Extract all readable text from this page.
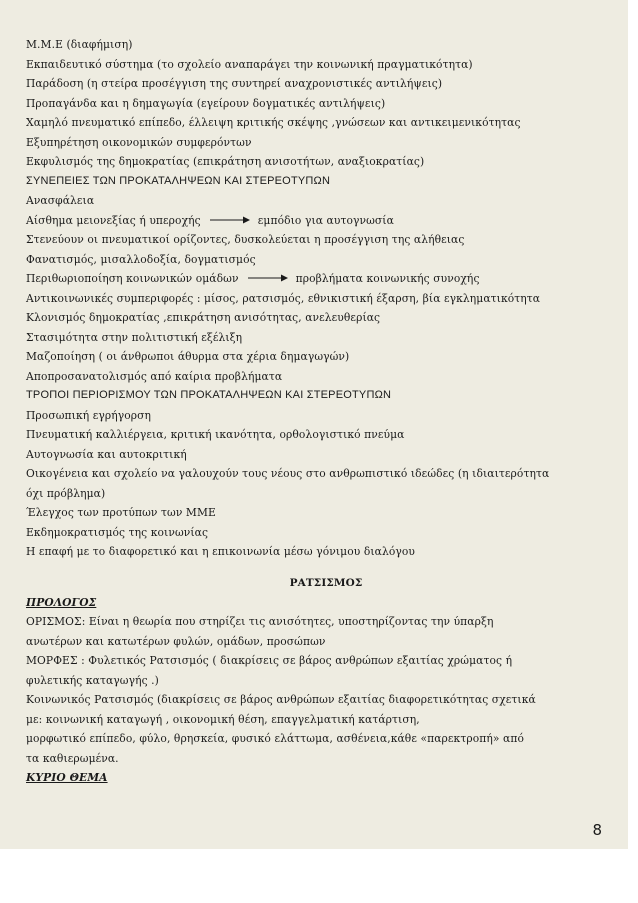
Μ.Μ.Ε (διαφήμιση)
Εκπαιδευτικό σύστημα (το σχολείο αναπαράγει την κοινωνική πραγματικότητα)
Παράδοση (η στείρα προσέγγιση της συντηρεί αναχρονιστικές αντιλήψεις)
Προπαγάνδα και η δημαγωγία (εγείρουν δογματικές αντιλήψεις)
Χαμηλό πνευματικό επίπεδο, έλλειψη κριτικής σκέψης ,γνώσεων και αντικειμενικότητας
Εξυπηρέτηση οικονομικών συμφερόντων
Εκφυλισμός της δημοκρατίας (επικράτηση ανισοτήτων, αναξιοκρατίας)
ΣΥΝΕΠΕΙΕΣ ΤΩΝ ΠΡΟΚΑΤΑΛΗΨΕΩΝ ΚΑΙ ΣΤΕΡΕΟΤΥΠΩΝ
Ανασφάλεια
Αίσθημα μειονεξίας ή υπεροχής	εμπόδιο για αυτογνωσία
Στενεύουν οι πνευματικοί ορίζοντες, δυσκολεύεται η προσέγγιση της αλήθειας
Φανατισμός, μισαλλοδοξία, δογματισμός
Περιθωριοποίηση κοινωνικών ομάδων	προβλήματα κοινωνικής συνοχής
Αντικοινωνικές συμπεριφορές : μίσος, ρατσισμός, εθνικιστική έξαρση, βία εγκληματικότητα
Κλονισμός δημοκρατίας ,επικράτηση ανισότητας, ανελευθερίας
Στασιμότητα στην πολιτιστική εξέλιξη
Μαζοποίηση ( οι άνθρωποι άθυρμα στα χέρια δημαγωγών)
Αποπροσανατολισμός από καίρια προβλήματα
ΤΡΟΠΟΙ ΠΕΡΙΟΡΙΣΜΟΥ ΤΩΝ ΠΡΟΚΑΤΑΛΗΨΕΩΝ ΚΑΙ ΣΤΕΡΕΟΤΥΠΩΝ
Προσωπική εγρήγορση
Πνευματική καλλιέργεια, κριτική ικανότητα, ορθολογιστικό πνεύμα
Αυτογνωσία και αυτοκριτική
Οικογένεια και σχολείο να γαλουχούν τους νέους στο ανθρωπιστικό ιδεώδες (η ιδιαιτερότητα
όχι πρόβλημα)
Έλεγχος των προτύπων των ΜΜΕ
Εκδημοκρατισμός της κοινωνίας
Η επαφή με το διαφορετικό και η επικοινωνία μέσω γόνιμου διαλόγου
ΡΑΤΣΙΣΜΟΣ
ΠΡΟΛΟΓΟΣ
ΟΡΙΣΜΟΣ: Είναι η θεωρία που στηρίζει τις ανισότητες, υποστηρίζοντας την ύπαρξη
ανωτέρων και κατωτέρων φυλών, ομάδων, προσώπων
ΜΟΡΦΕΣ : Φυλετικός Ρατσισμός ( διακρίσεις σε βάρος ανθρώπων εξαιτίας χρώματος ή
φυλετικής καταγωγής .)
Κοινωνικός Ρατσισμός (διακρίσεις σε βάρος ανθρώπων εξαιτίας διαφορετικότητας σχετικά
με: κοινωνική καταγωγή , οικονομική θέση, επαγγελματική κατάρτιση,
μορφωτικό επίπεδο, φύλο, θρησκεία, φυσικό ελάττωμα, ασθένεια,κάθε «παρεκτροπή» από
τα καθιερωμένα.
ΚΥΡΙΟ ΘΕΜΑ
8
